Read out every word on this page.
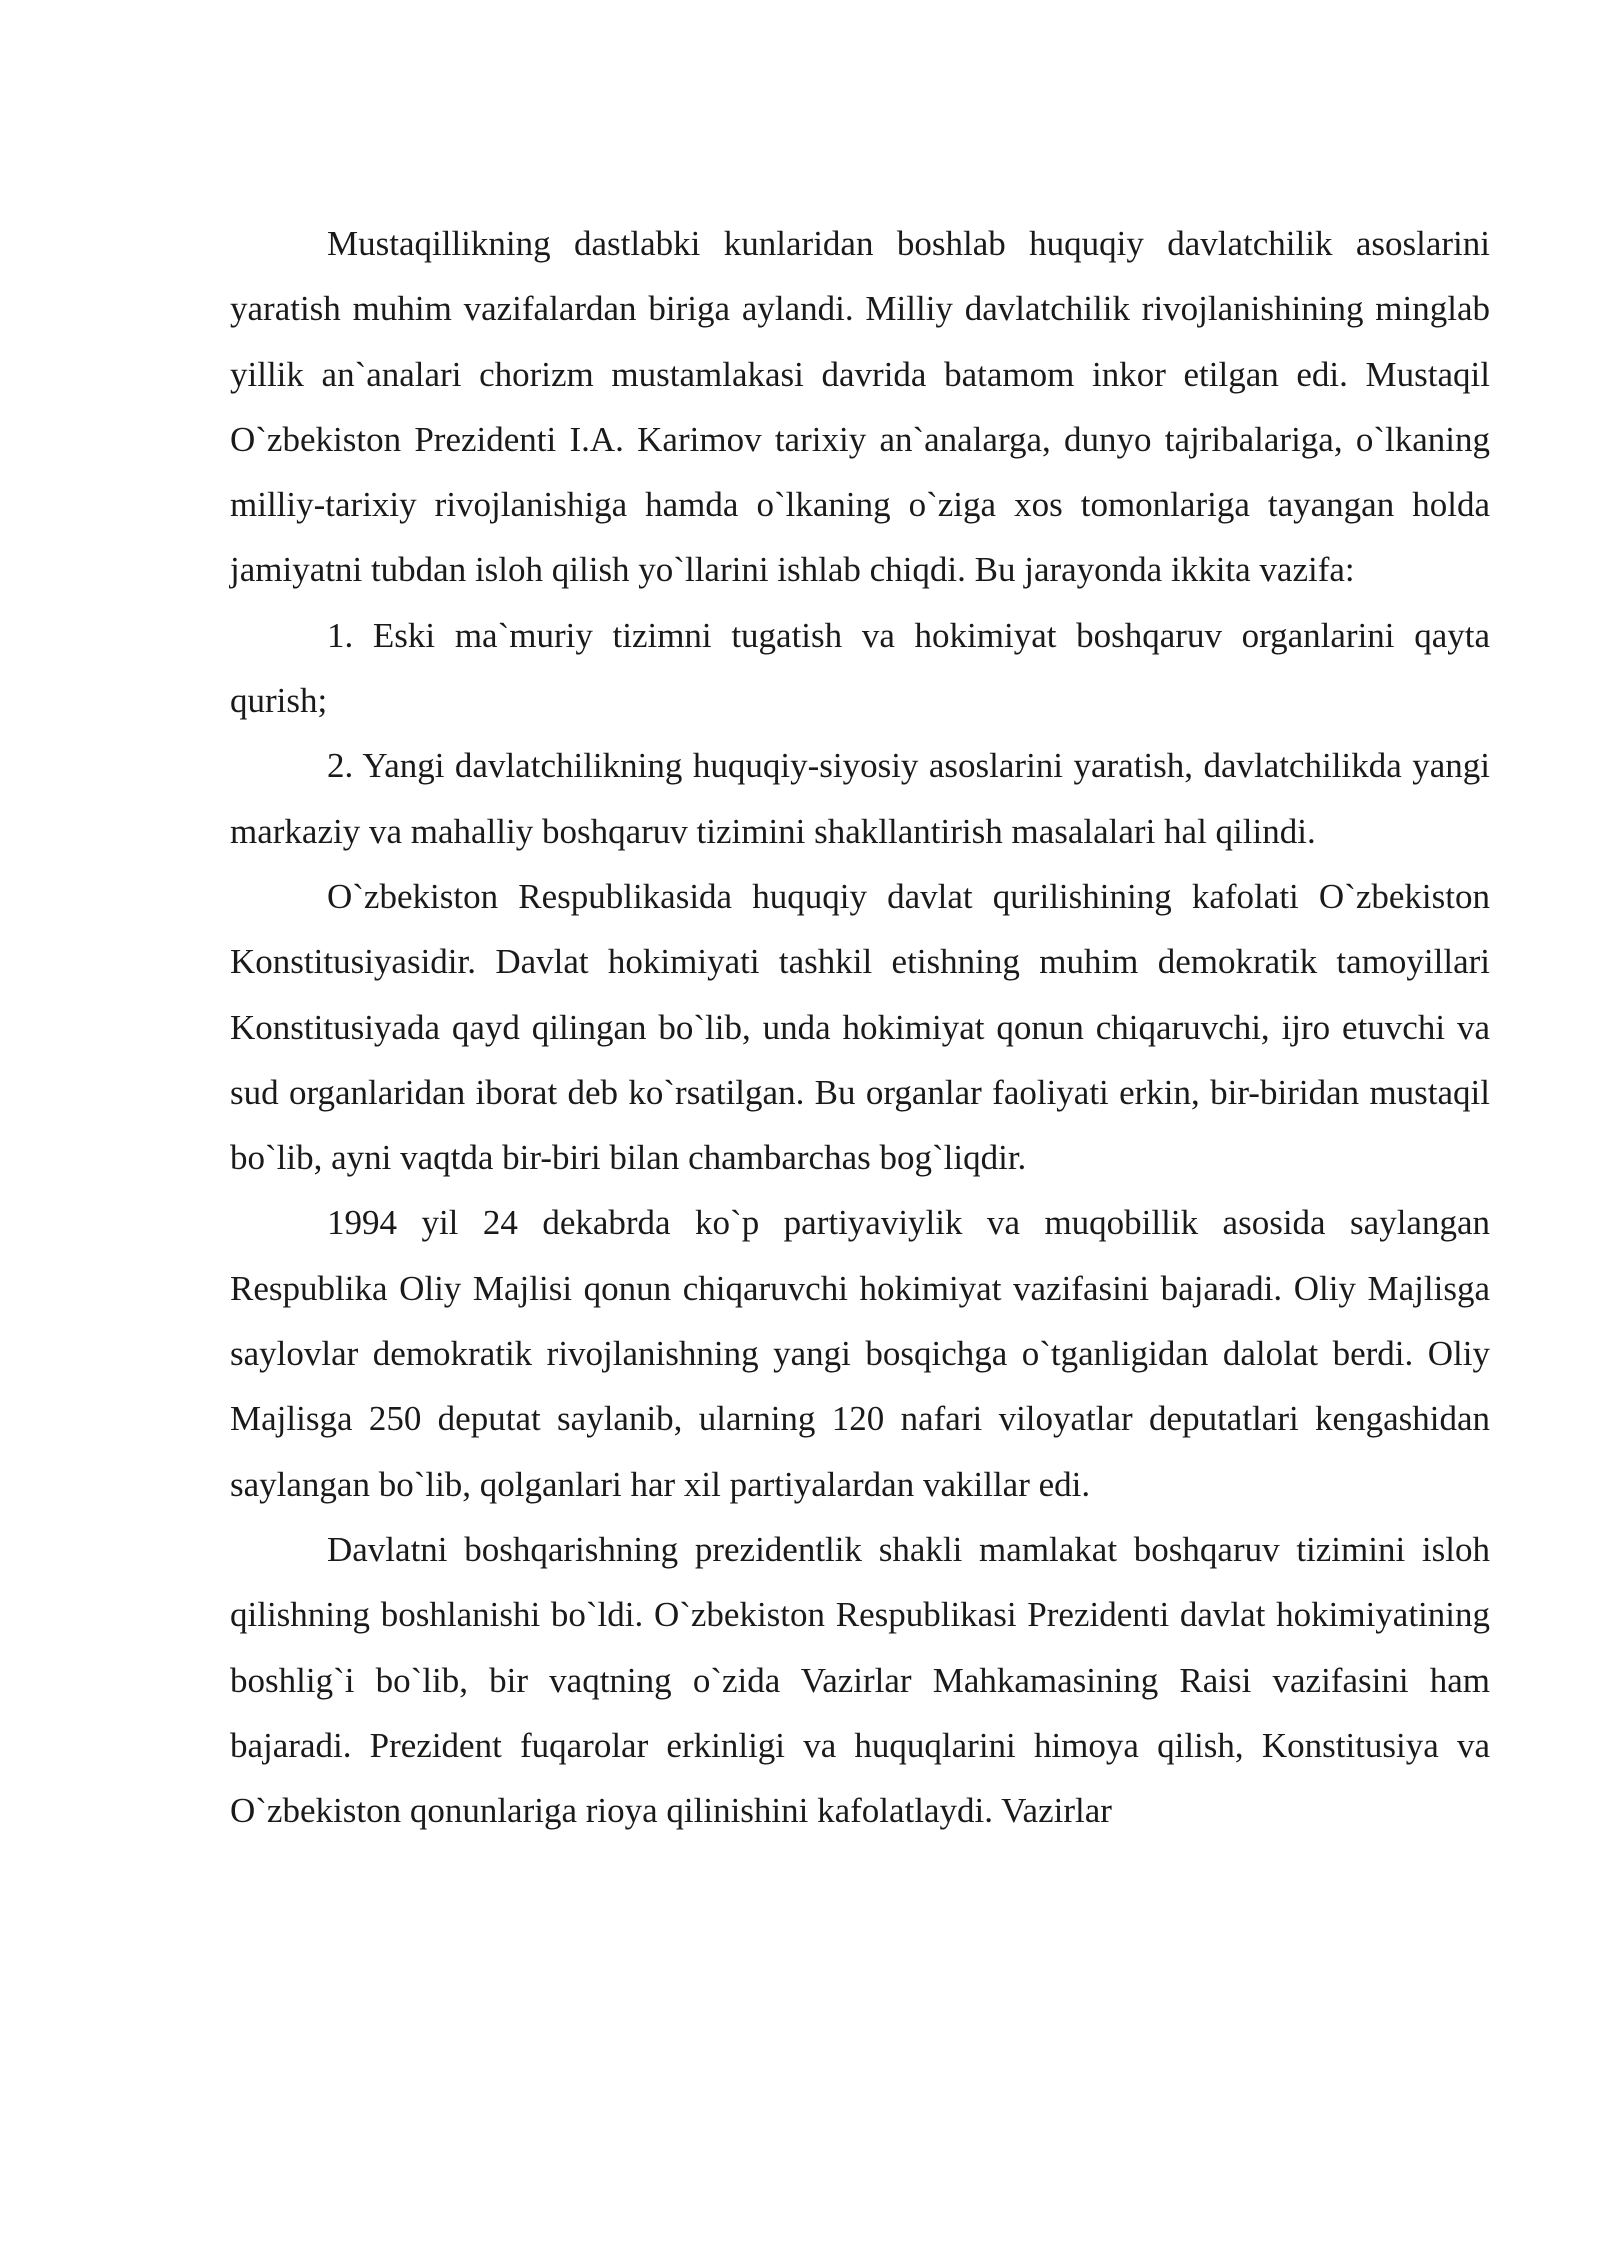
Mustaqillikning dastlabki kunlaridan boshlab huquqiy davlatchilik asoslarini yaratish muhim vazifalardan biriga aylandi. Milliy davlatchilik rivojlanishining minglab yillik an`analari chorizm mustamlakasi davrida batamom inkor etilgan edi. Mustaqil O`zbekiston Prezidenti I.A. Karimov tarixiy an`analarga, dunyo tajribalariga, o`lkaning milliy-tarixiy rivojlanishiga hamda o`lkaning o`ziga xos tomonlariga tayangan holda jamiyatni tubdan isloh qilish yo`llarini ishlab chiqdi. Bu jarayonda ikkita vazifa:

1. Eski ma`muriy tizimni tugatish va hokimiyat boshqaruv organlarini qayta qurish;

2. Yangi davlatchilikning huquqiy-siyosiy asoslarini yaratish, davlatchilikda yangi markaziy va mahalliy boshqaruv tizimini shakllantirish masalalari hal qilindi.

O`zbekiston Respublikasida huquqiy davlat qurilishining kafolati O`zbekiston Konstitusiyasidir. Davlat hokimiyati tashkil etishning muhim demokratik tamoyillari Konstitusiyada qayd qilingan bo`lib, unda hokimiyat qonun chiqaruvchi, ijro etuvchi va sud organlaridan iborat deb ko`rsatilgan. Bu organlar faoliyati erkin, bir-biridan mustaqil bo`lib, ayni vaqtda bir-biri bilan chambarchas bog`liqdir.

1994 yil 24 dekabrda ko`p partiyaviylik va muqobillik asosida saylangan Respublika Oliy Majlisi qonun chiqaruvchi hokimiyat vazifasini bajaradi. Oliy Majlisga saylovlar demokratik rivojlanishning yangi bosqichga o`tganligidan dalolat berdi. Oliy Majlisga 250 deputat saylanib, ularning 120 nafari viloyatlar deputatlari kengashidan saylangan bo`lib, qolganlari har xil partiyalardan vakillar edi.

Davlatni boshqarishning prezidentlik shakli mamlakat boshqaruv tizimini isloh qilishning boshlanishi bo`ldi. O`zbekiston Respublikasi Prezidenti davlat hokimiyatining boshlig`i bo`lib, bir vaqtning o`zida Vazirlar Mahkamasining Raisi vazifasini ham bajaradi. Prezident fuqarolar erkinligi va huquqlarini himoya qilish, Konstitusiya va O`zbekiston qonunlariga rioya qilinishini kafolatlaydi. Vazirlar
